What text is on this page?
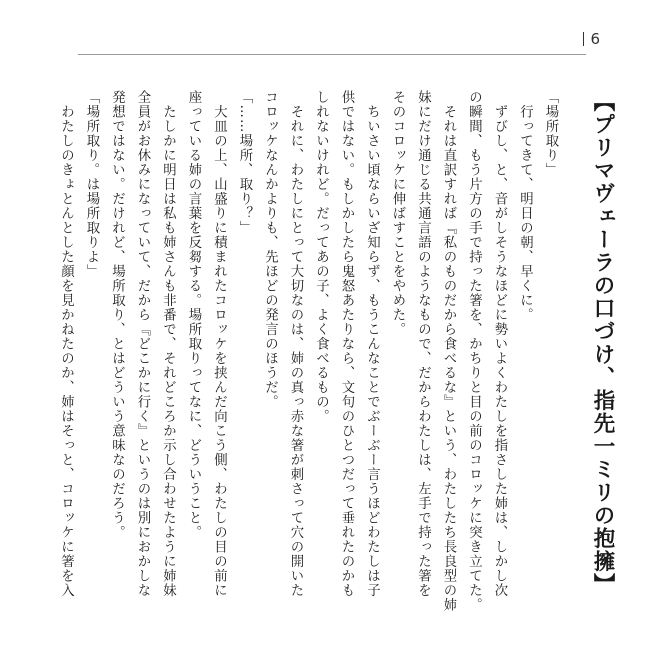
6
【プリマヴェーラの口づけ、指先一ミリの抱擁】
「場所取り」
　行ってきて、明日の朝、早くに。
　ずびし、と、音がしそうなほどに勢いよくわたしを指さした姉は、しかし次
の瞬間、もう片方の手で持った箸を、かちりと目の前のコロッケに突き立てた。
　それは直訳すれば『私のものだから食べるな』という、わたしたち長良型の姉
妹にだけ通じる共通言語のようなもので、だからわたしは、左手で持った箸を
そのコロッケに伸ばすことをやめた。
　ちいさい頃ならいざ知らず、もうこんなことでぶーぶー言うほどわたしは子
供ではない。もしかしたら鬼怒あたりなら、文句のひとつだって垂れたのかも
しれないけれど。だってあの子、よく食べるもの。
　それに、わたしにとって大切なのは、姉の真っ赤な箸が刺さって穴の開いた
コロッケなんかよりも、先ほどの発言のほうだ。
「……場所、取り？」
　大皿の上、山盛りに積まれたコロッケを挟んだ向こう側、わたしの目の前に
座っている姉の言葉を反芻する。場所取りってなに、どういうこと。
　たしかに明日は私も姉さんも非番で、それどころか示し合わせたように姉妹
全員がお休みになっていて、だから『どこかに行く』というのは別におかしな
発想ではない。だけれど、場所取り、とはどういう意味なのだろう。
「場所取り。は場所取りよ」
　わたしのきょとんとした顔を見かねたのか、姉はそっと、コロッケに箸を入
